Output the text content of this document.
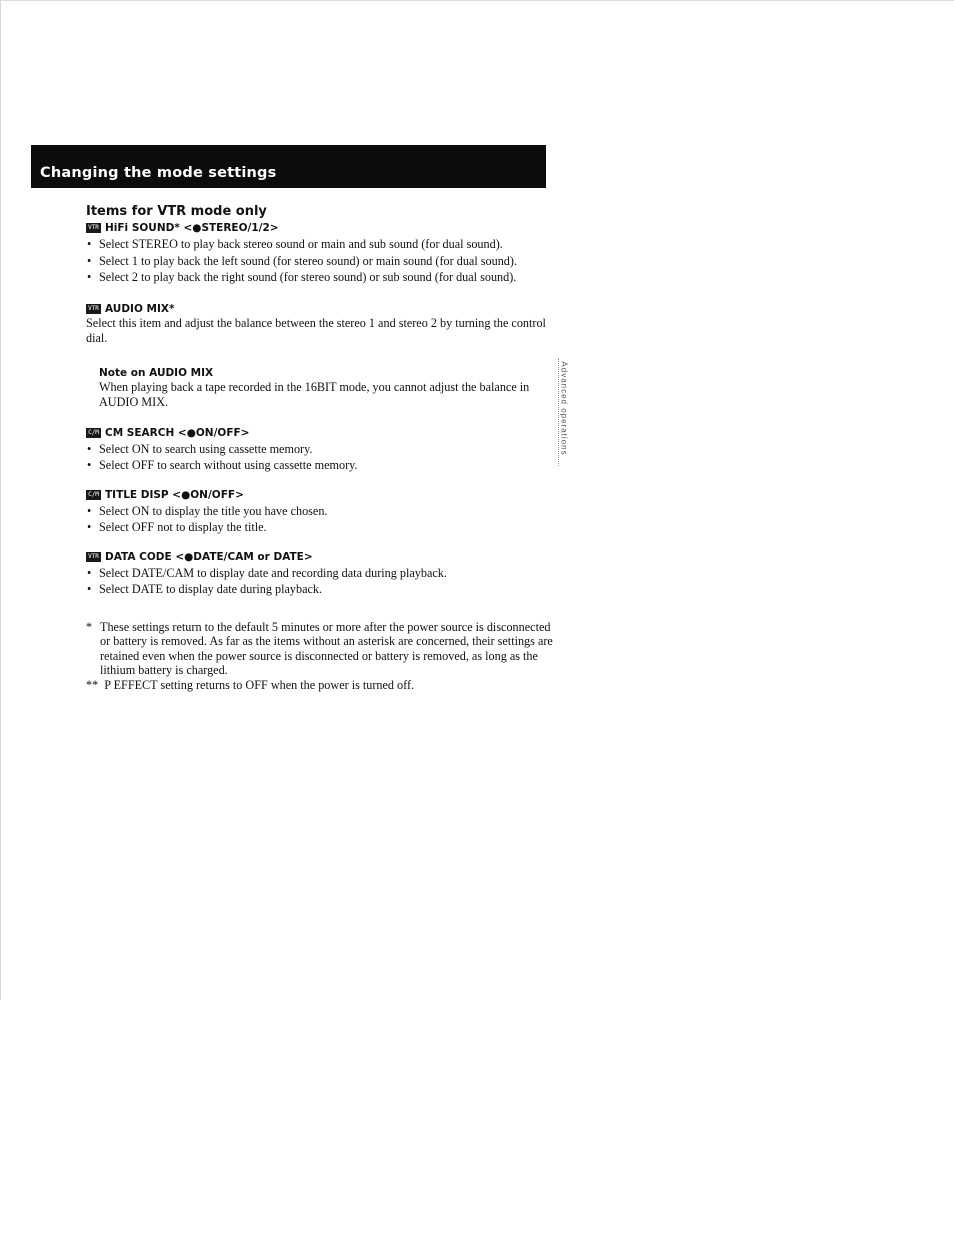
Changing the mode settings
Advanced operations
Items for VTR mode only
VTR HiFi SOUND* <●STEREO/1/2>
• Select STEREO to play back stereo sound or main and sub sound (for dual sound).
• Select 1 to play back the left sound (for stereo sound) or main sound (for dual sound).
• Select 2 to play back the right sound (for stereo sound) or sub sound (for dual sound).
VTR AUDIO MIX*

Select this item and adjust the balance between the stereo 1 and stereo 2 by turning the control dial.

Note on AUDIO MIX

When playing back a tape recorded in the 16BIT mode, you cannot adjust the balance in AUDIO MIX.

C/M CM SEARCH <●ON/OFF>
• Select ON to search using cassette memory.
• Select OFF to search without using cassette memory.
C/M TITLE DISP <●ON/OFF>
• Select ON to display the title you have chosen.
• Select OFF not to display the title.
VTR DATA CODE <●DATE/CAM or DATE>
• Select DATE/CAM to display date and recording data during playback.
• Select DATE to display date during playback.
* These settings return to the default 5 minutes or more after the power source is disconnected or battery is removed. As far as the items without an asterisk are concerned, their settings are retained even when the power source is disconnected or battery is removed, as long as the lithium battery is charged.
** P EFFECT setting returns to OFF when the power is turned off.
